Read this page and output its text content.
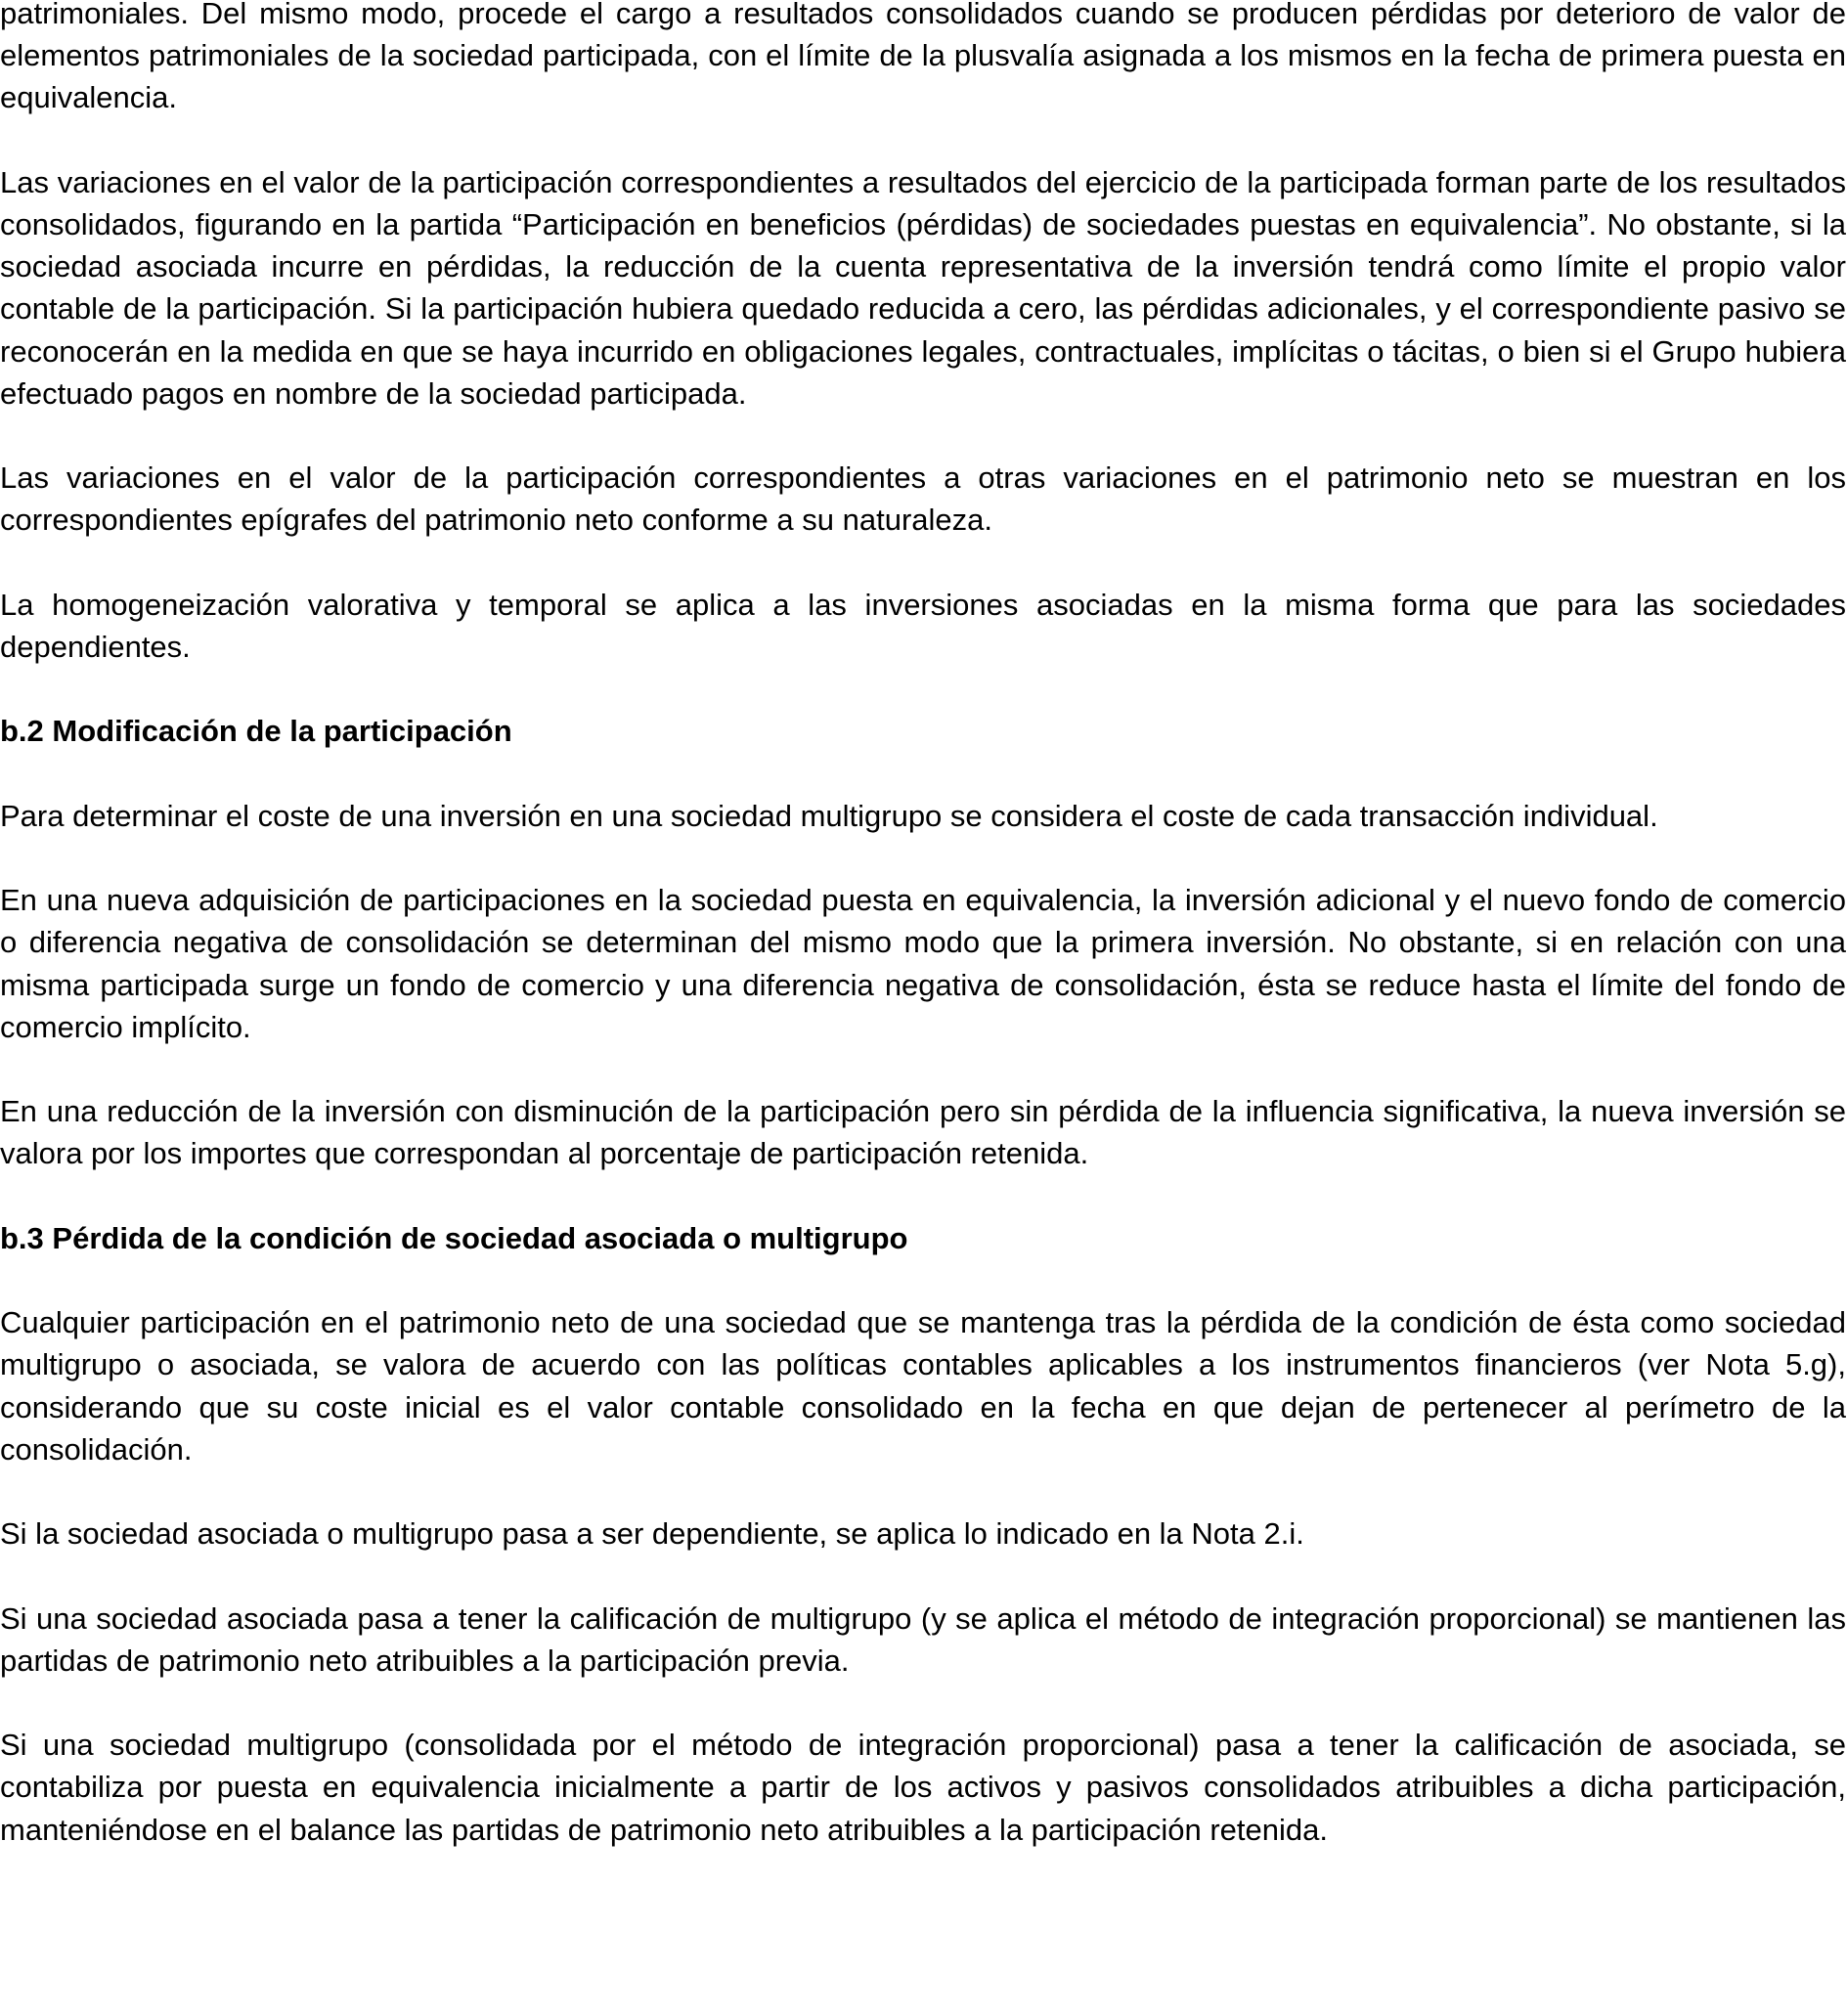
patrimoniales. Del mismo modo, procede el cargo a resultados consolidados cuando se producen pérdidas por deterioro de valor de elementos patrimoniales de la sociedad participada, con el límite de la plusvalía asignada a los mismos en la fecha de primera puesta en equivalencia.

Las variaciones en el valor de la participación correspondientes a resultados del ejercicio de la participada forman parte de los resultados consolidados, figurando en la partida “Participación en beneficios (pérdidas) de sociedades puestas en equivalencia”. No obstante, si la sociedad asociada incurre en pérdidas, la reducción de la cuenta representativa de la inversión tendrá como límite el propio valor contable de la participación. Si la participación hubiera quedado reducida a cero, las pérdidas adicionales, y el correspondiente pasivo se reconocerán en la medida en que se haya incurrido en obligaciones legales, contractuales, implícitas o tácitas, o bien si el Grupo hubiera efectuado pagos en nombre de la sociedad participada.

Las variaciones en el valor de la participación correspondientes a otras variaciones en el patrimonio neto se muestran en los correspondientes epígrafes del patrimonio neto conforme a su naturaleza.

La homogeneización valorativa y temporal se aplica a las inversiones asociadas en la misma forma que para las sociedades dependientes.

b.2 Modificación de la participación

Para determinar el coste de una inversión en una sociedad multigrupo se considera el coste de cada transacción individual.

En una nueva adquisición de participaciones en la sociedad puesta en equivalencia, la inversión adicional y el nuevo fondo de comercio o diferencia negativa de consolidación se determinan del mismo modo que la primera inversión. No obstante, si en relación con una misma participada surge un fondo de comercio y una diferencia negativa de consolidación, ésta se reduce hasta el límite del fondo de comercio implícito.

En una reducción de la inversión con disminución de la participación pero sin pérdida de la influencia significativa, la nueva inversión se valora por los importes que correspondan al porcentaje de participación retenida.

b.3 Pérdida de la condición de sociedad asociada o multigrupo

Cualquier participación en el patrimonio neto de una sociedad que se mantenga tras la pérdida de la condición de ésta como sociedad multigrupo o asociada, se valora de acuerdo con las políticas contables aplicables a los instrumentos financieros (ver Nota 5.g), considerando que su coste inicial es el valor contable consolidado en la fecha en que dejan de pertenecer al perímetro de la consolidación.

Si la sociedad asociada o multigrupo pasa a ser dependiente, se aplica lo indicado en la Nota 2.i.

Si una sociedad asociada pasa a tener la calificación de multigrupo (y se aplica el método de integración proporcional) se mantienen las partidas de patrimonio neto atribuibles a la participación previa.

Si una sociedad multigrupo (consolidada por el método de integración proporcional) pasa a tener la calificación de asociada, se contabiliza por puesta en equivalencia inicialmente a partir de los activos y pasivos consolidados atribuibles a dicha participación, manteniéndose en el balance las partidas de patrimonio neto atribuibles a la participación retenida.
